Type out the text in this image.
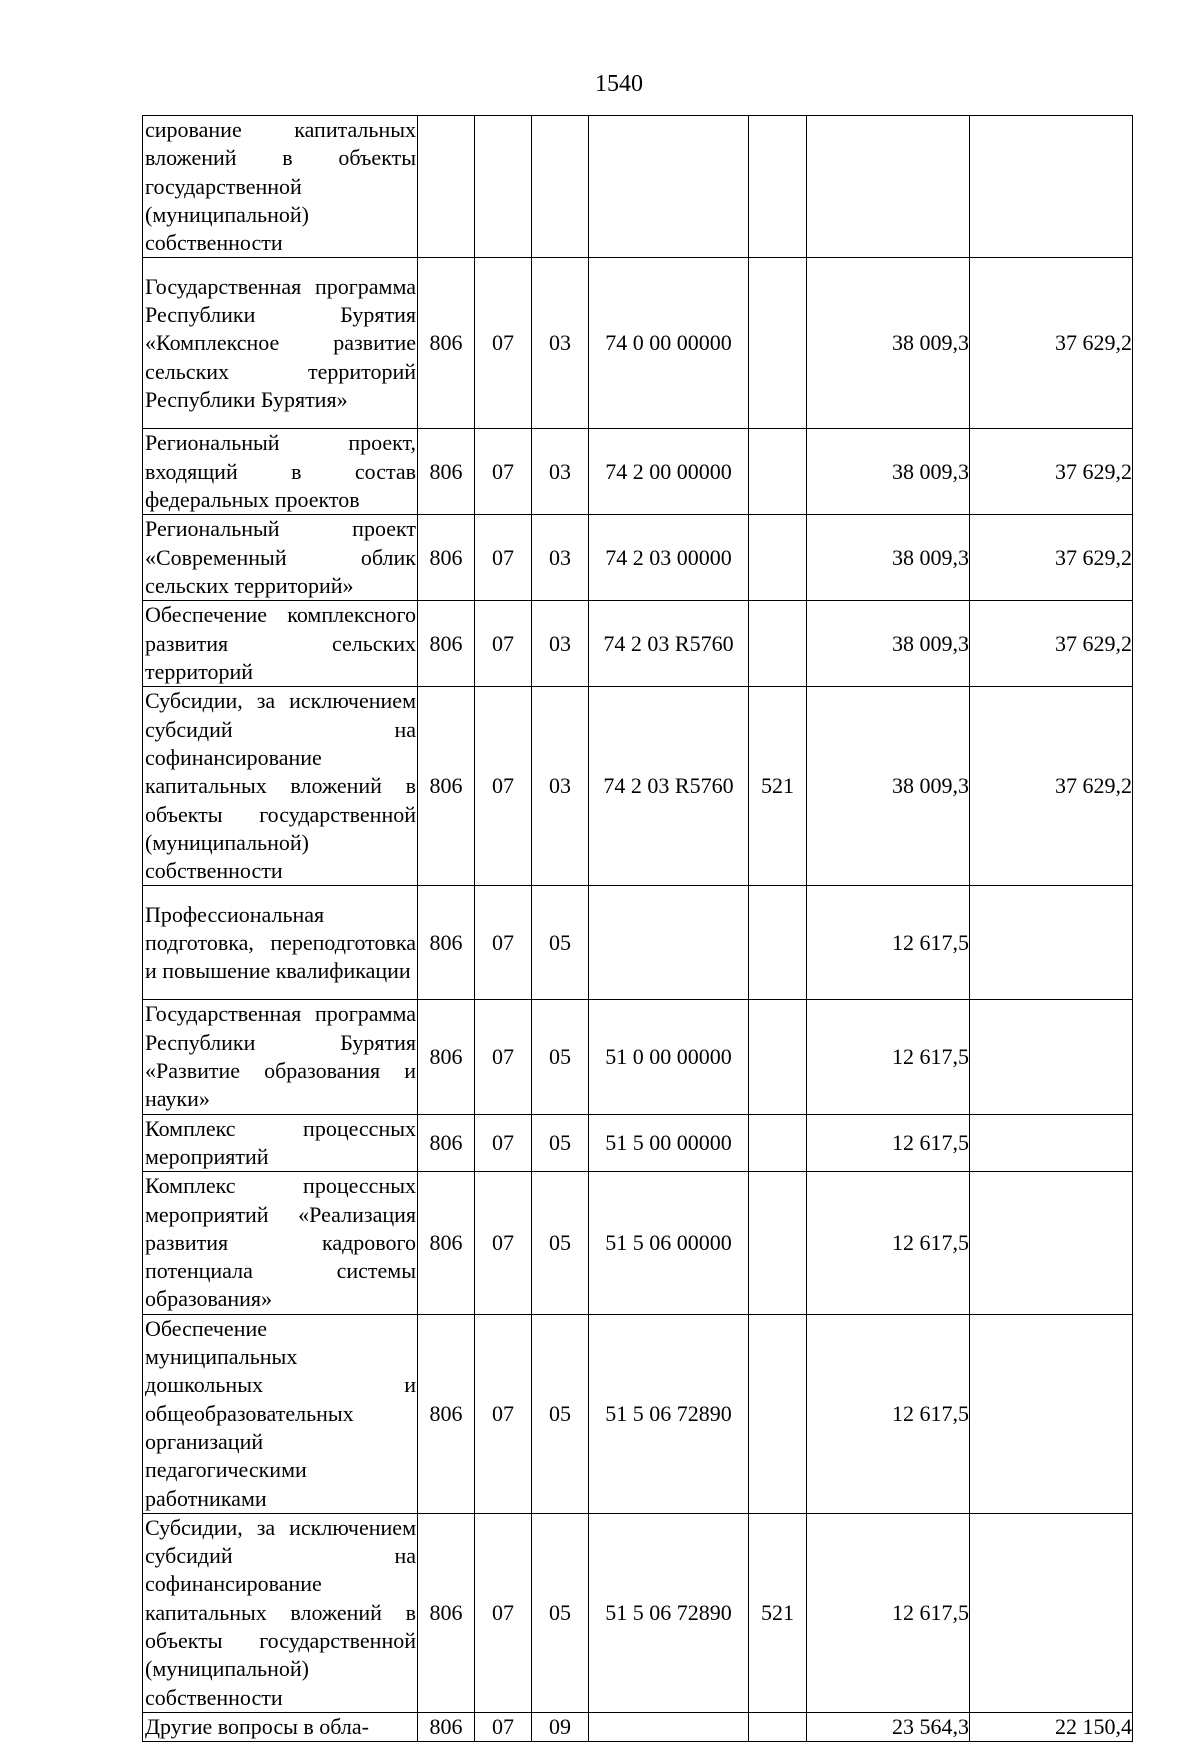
1540
сирование капитальных вложений в объекты государственной (муниципальной) собственности							
Государственная программа Республики Бурятия «Комплексное развитие сельских территорий Республики Бурятия»	806	07	03	74 0 00 00000		38 009,3	37 629,2
Региональный проект, входящий в состав федеральных проектов	806	07	03	74 2 00 00000		38 009,3	37 629,2
Региональный проект «Современный облик сельских территорий»	806	07	03	74 2 03 00000		38 009,3	37 629,2
Обеспечение комплексного развития сельских территорий	806	07	03	74 2 03 R5760		38 009,3	37 629,2
Субсидии, за исключением субсидий на софинансирование капитальных вложений в объекты государственной (муниципальной) собственности	806	07	03	74 2 03 R5760	521	38 009,3	37 629,2
Профессиональная подготовка, переподготовка и повышение квалификации	806	07	05			12 617,5	
Государственная программа Республики Бурятия «Развитие образования и науки»	806	07	05	51 0 00 00000		12 617,5	
Комплекс процессных мероприятий	806	07	05	51 5 00 00000		12 617,5	
Комплекс процессных мероприятий «Реализация развития кадрового потенциала системы образования»	806	07	05	51 5 06 00000		12 617,5	
Обеспечение муниципальных дошкольных и общеобразовательных организаций педагогическими работниками	806	07	05	51 5 06 72890		12 617,5	
Субсидии, за исключением субсидий на софинансирование капитальных вложений в объекты государственной (муниципальной) собственности	806	07	05	51 5 06 72890	521	12 617,5	
Другие вопросы в обла-	806	07	09			23 564,3	22 150,4
